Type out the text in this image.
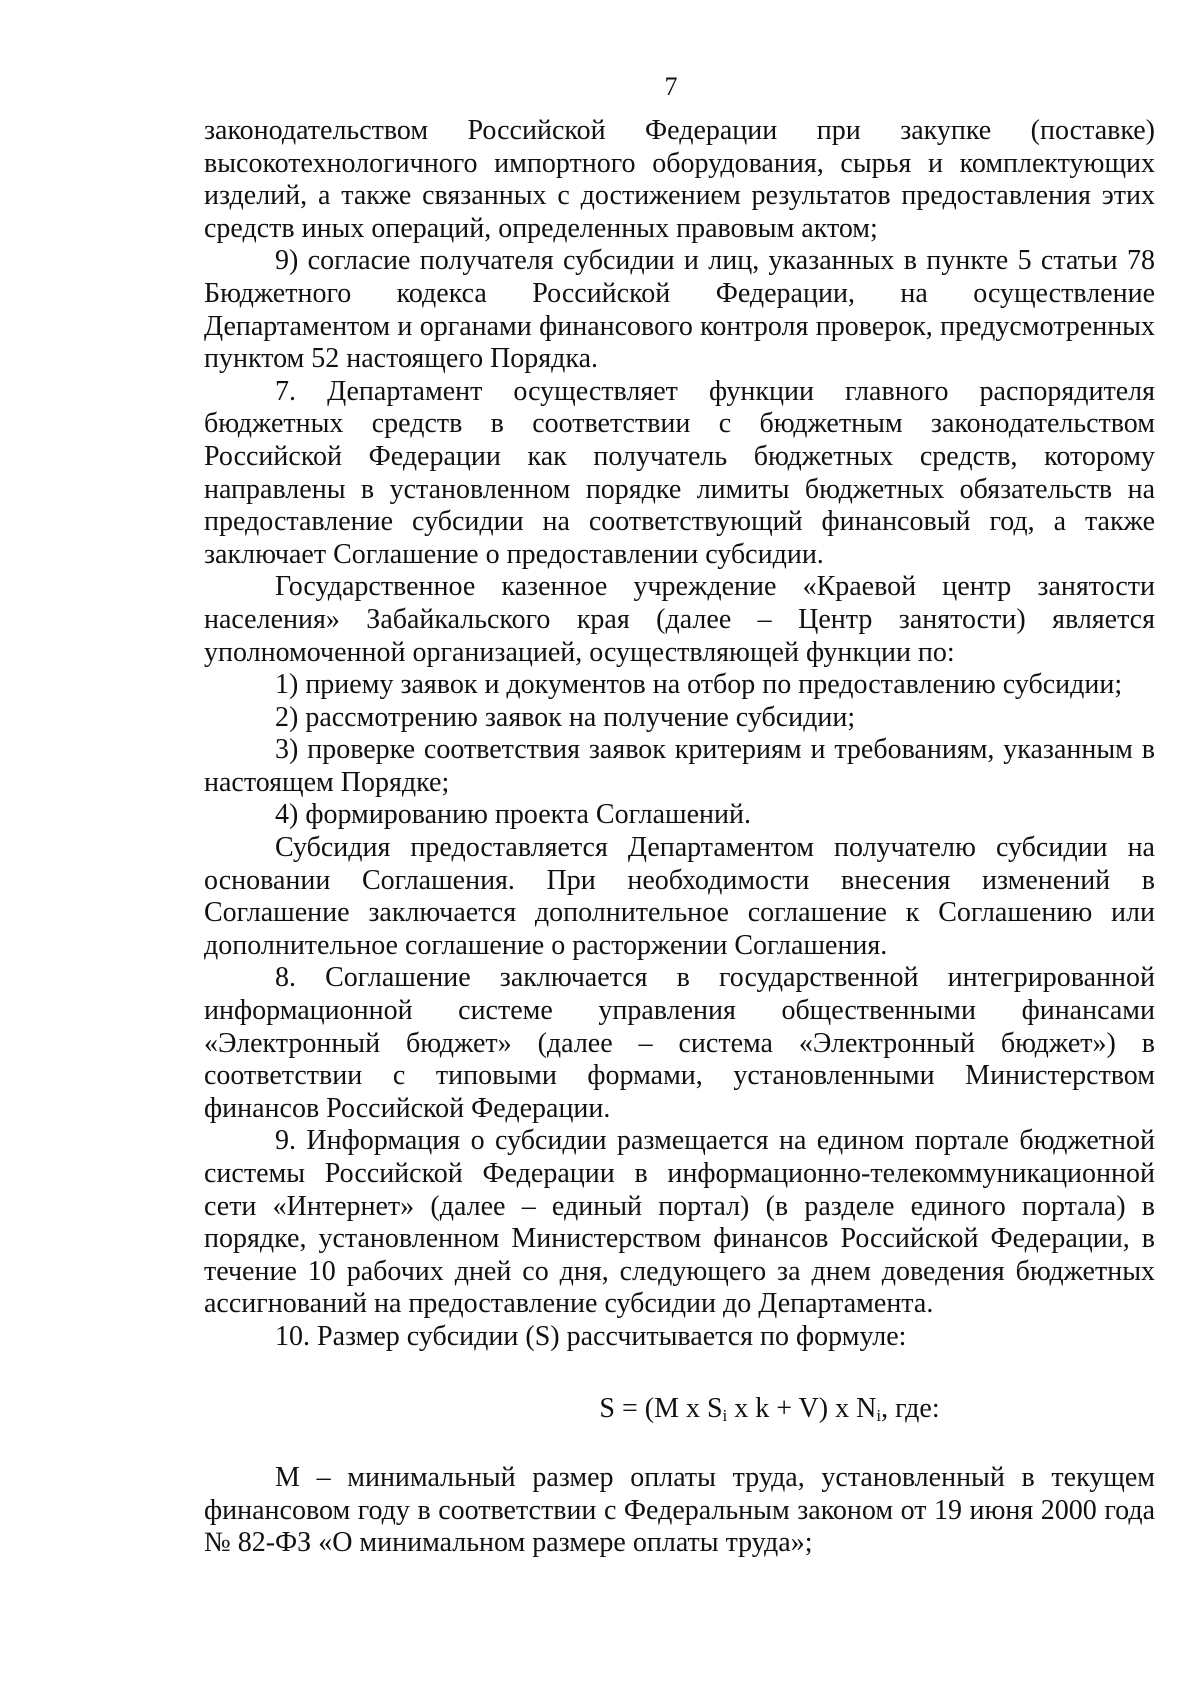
7

законодательством Российской Федерации при закупке (поставке) высокотехнологичного импортного оборудования, сырья и комплектующих изделий, а также связанных с достижением результатов предоставления этих средств иных операций, определенных правовым актом;

9) согласие получателя субсидии и лиц, указанных в пункте 5 статьи 78 Бюджетного кодекса Российской Федерации, на осуществление Департаментом и органами финансового контроля проверок, предусмотренных пунктом 52 настоящего Порядка.

7. Департамент осуществляет функции главного распорядителя бюджетных средств в соответствии с бюджетным законодательством Российской Федерации как получатель бюджетных средств, которому направлены в установленном порядке лимиты бюджетных обязательств на предоставление субсидии на соответствующий финансовый год, а также заключает Соглашение о предоставлении субсидии.

Государственное казенное учреждение «Краевой центр занятости населения» Забайкальского края (далее – Центр занятости) является уполномоченной организацией, осуществляющей функции по:

1) приему заявок и документов на отбор по предоставлению субсидии;

2) рассмотрению заявок на получение субсидии;

3) проверке соответствия заявок критериям и требованиям, указанным в настоящем Порядке;

4) формированию проекта Соглашений.

Субсидия предоставляется Департаментом получателю субсидии на основании Соглашения. При необходимости внесения изменений в Соглашение заключается дополнительное соглашение к Соглашению или дополнительное соглашение о расторжении Соглашения.

8. Соглашение заключается в государственной интегрированной информационной системе управления общественными финансами «Электронный бюджет» (далее – система «Электронный бюджет») в соответствии с типовыми формами, установленными Министерством финансов Российской Федерации.

9. Информация о субсидии размещается на едином портале бюджетной системы Российской Федерации в информационно-телекоммуникационной сети «Интернет» (далее – единый портал) (в разделе единого портала) в порядке, установленном Министерством финансов Российской Федерации, в течение 10 рабочих дней со дня, следующего за днем доведения бюджетных ассигнований на предоставление субсидии до Департамента.

10. Размер субсидии (S) рассчитывается по формуле:

S = (M x $S_i$ x k + V) x $N_i$, где:

M – минимальный размер оплаты труда, установленный в текущем финансовом году в соответствии с Федеральным законом от 19 июня 2000 года № 82-ФЗ «О минимальном размере оплаты труда»;
